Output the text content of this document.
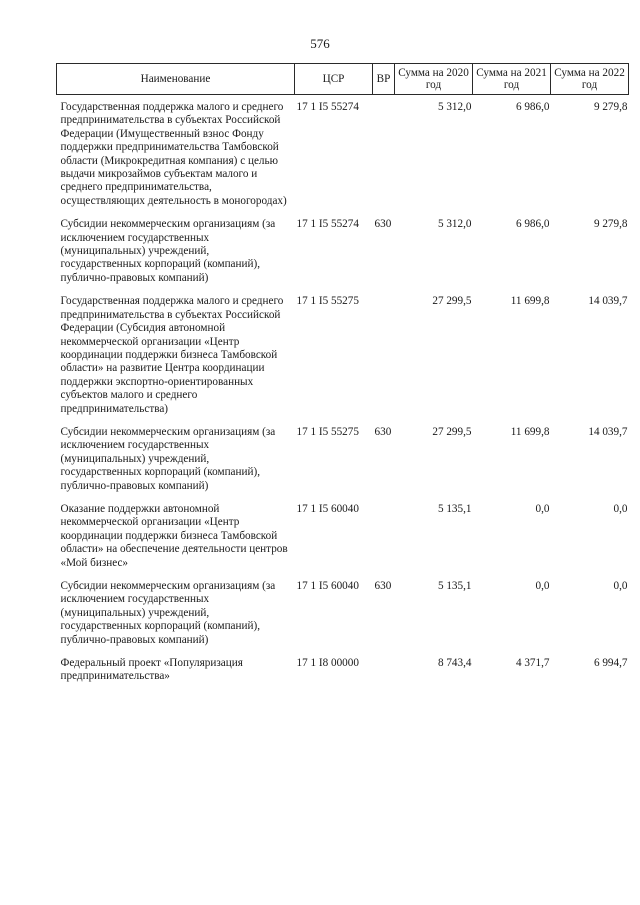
576
Наименование	ЦСР	ВР	Сумма на 2020 год	Сумма на 2021 год	Сумма на 2022 год
Государственная поддержка малого и среднего предпринимательства в субъектах Российской Федерации (Имущественный взнос Фонду поддержки предпринимательства Тамбовской области (Микрокредитная компания) с целью выдачи микрозаймов субъектам малого и среднего предпринимательства, осуществляющих деятельность в моногородах)	17 1 I5 55274		5 312,0	6 986,0	9 279,8
Субсидии некоммерческим организациям (за исключением государственных (муниципальных) учреждений, государственных корпораций (компаний), публично-правовых компаний)	17 1 I5 55274	630	5 312,0	6 986,0	9 279,8
Государственная поддержка малого и среднего предпринимательства в субъектах Российской Федерации (Субсидия автономной некоммерческой организации «Центр координации поддержки бизнеса Тамбовской области» на развитие Центра координации поддержки экспортно-ориентированных субъектов малого и среднего предпринимательства)	17 1 I5 55275		27 299,5	11 699,8	14 039,7
Субсидии некоммерческим организациям (за исключением государственных (муниципальных) учреждений, государственных корпораций (компаний), публично-правовых компаний)	17 1 I5 55275	630	27 299,5	11 699,8	14 039,7
Оказание поддержки автономной некоммерческой организации «Центр координации поддержки бизнеса Тамбовской области» на обеспечение деятельности центров «Мой бизнес»	17 1 I5 60040		5 135,1	0,0	0,0
Субсидии некоммерческим организациям (за исключением государственных (муниципальных) учреждений, государственных корпораций (компаний), публично-правовых компаний)	17 1 I5 60040	630	5 135,1	0,0	0,0
Федеральный проект «Популяризация предпринимательства»	17 1 I8 00000		8 743,4	4 371,7	6 994,7
